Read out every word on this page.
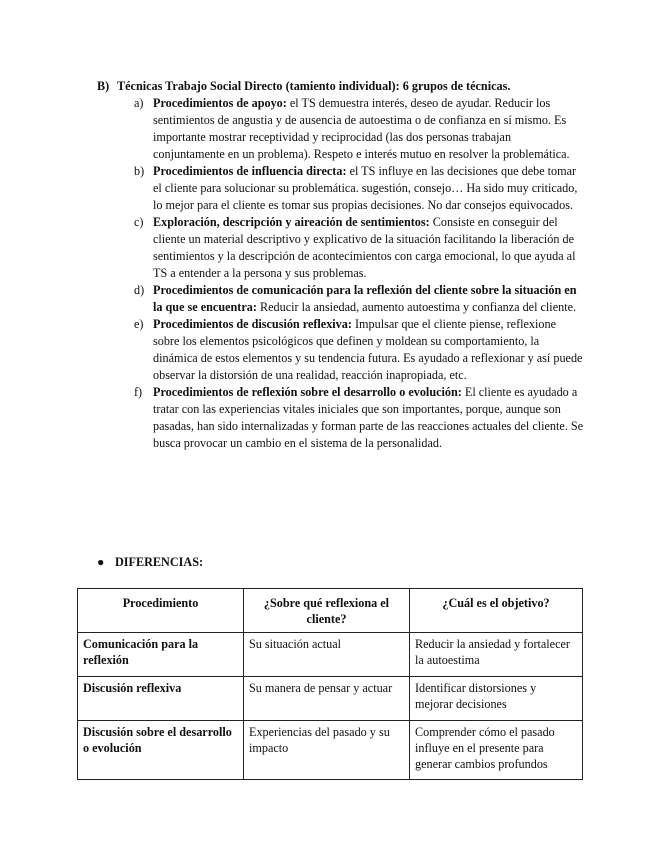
B) Técnicas Trabajo Social Directo (tamiento individual): 6 grupos de técnicas.
a) Procedimientos de apoyo: el TS demuestra interés, deseo de ayudar. Reducir los sentimientos de angustia y de ausencia de autoestima o de confianza en sí mismo. Es importante mostrar receptividad y reciprocidad (las dos personas trabajan conjuntamente en un problema). Respeto e interés mutuo en resolver la problemática.
b) Procedimientos de influencia directa: el TS influye en las decisiones que debe tomar el cliente para solucionar su problemática. sugestión, consejo… Ha sido muy criticado, lo mejor para el cliente es tomar sus propias decisiones. No dar consejos equivocados.
c) Exploración, descripción y aireación de sentimientos: Consiste en conseguir del cliente un material descriptivo y explicativo de la situación facilitando la liberación de sentimientos y la descripción de acontecimientos con carga emocional, lo que ayuda al TS a entender a la persona y sus problemas.
d) Procedimientos de comunicación para la reflexión del cliente sobre la situación en la que se encuentra: Reducir la ansiedad, aumento autoestima y confianza del cliente.
e) Procedimientos de discusión reflexiva: Impulsar que el cliente piense, reflexione sobre los elementos psicológicos que definen y moldean su comportamiento, la dinámica de estos elementos y su tendencia futura. Es ayudado a reflexionar y así puede observar la distorsión de una realidad, reacción inapropiada, etc.
f) Procedimientos de reflexión sobre el desarrollo o evolución: El cliente es ayudado a tratar con las experiencias vitales iniciales que son importantes, porque, aunque son pasadas, han sido internalizadas y forman parte de las reacciones actuales del cliente. Se busca provocar un cambio en el sistema de la personalidad.
● DIFERENCIAS:
Procedimiento	¿Sobre qué reflexiona el cliente?	¿Cuál es el objetivo?
Comunicación para la reflexión	Su situación actual	Reducir la ansiedad y fortalecer la autoestima
Discusión reflexiva	Su manera de pensar y actuar	Identificar distorsiones y mejorar decisiones
Discusión sobre el desarrollo o evolución	Experiencias del pasado y su impacto	Comprender cómo el pasado influye en el presente para generar cambios profundos
